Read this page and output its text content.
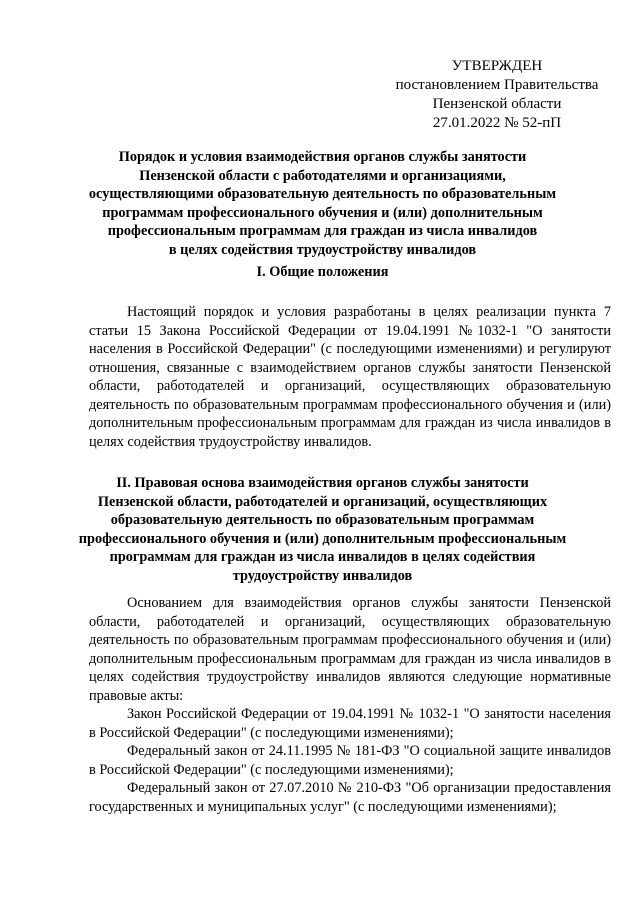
УТВЕРЖДЕН
постановлением Правительства
Пензенской области
27.01.2022 № 52-пП
Порядок и условия взаимодействия органов службы занятости
Пензенской области с работодателями и организациями,
осуществляющими образовательную деятельность по образовательным
программам профессионального обучения и (или) дополнительным
профессиональным программам для граждан из числа инвалидов
в целях содействия трудоустройству инвалидов
I. Общие положения

Настоящий порядок и условия разработаны в целях реализации пункта 7 статьи 15 Закона Российской Федерации от 19.04.1991 №1032-1 "О занятости населения в Российской Федерации" (с последующими изменениями) и регулируют отношения, связанные с взаимодействием органов службы занятости Пензенской области, работодателей и организаций, осуществляющих образовательную деятельность по образовательным программам профессионального обучения и (или) дополнительным профессиональным программам для граждан из числа инвалидов в целях содействия трудоустройству инвалидов.

II. Правовая основа взаимодействия органов службы занятости
Пензенской области, работодателей и организаций, осуществляющих
образовательную деятельность по образовательным программам
профессионального обучения и (или) дополнительным профессиональным
программам для граждан из числа инвалидов в целях содействия
трудоустройству инвалидов

Основанием для взаимодействия органов службы занятости Пензенской области, работодателей и организаций, осуществляющих образовательную деятельность по образовательным программам профессионального обучения и (или) дополнительным профессиональным программам для граждан из числа инвалидов в целях содействия трудоустройству инвалидов являются следующие нормативные правовые акты:

Закон Российской Федерации от 19.04.1991 № 1032-1 "О занятости населения в Российской Федерации" (с последующими изменениями);

Федеральный закон от 24.11.1995 № 181-ФЗ "О социальной защите инвалидов в Российской Федерации" (с последующими изменениями);

Федеральный закон от 27.07.2010 № 210-ФЗ "Об организации предоставления государственных и муниципальных услуг" (с последующими изменениями);
